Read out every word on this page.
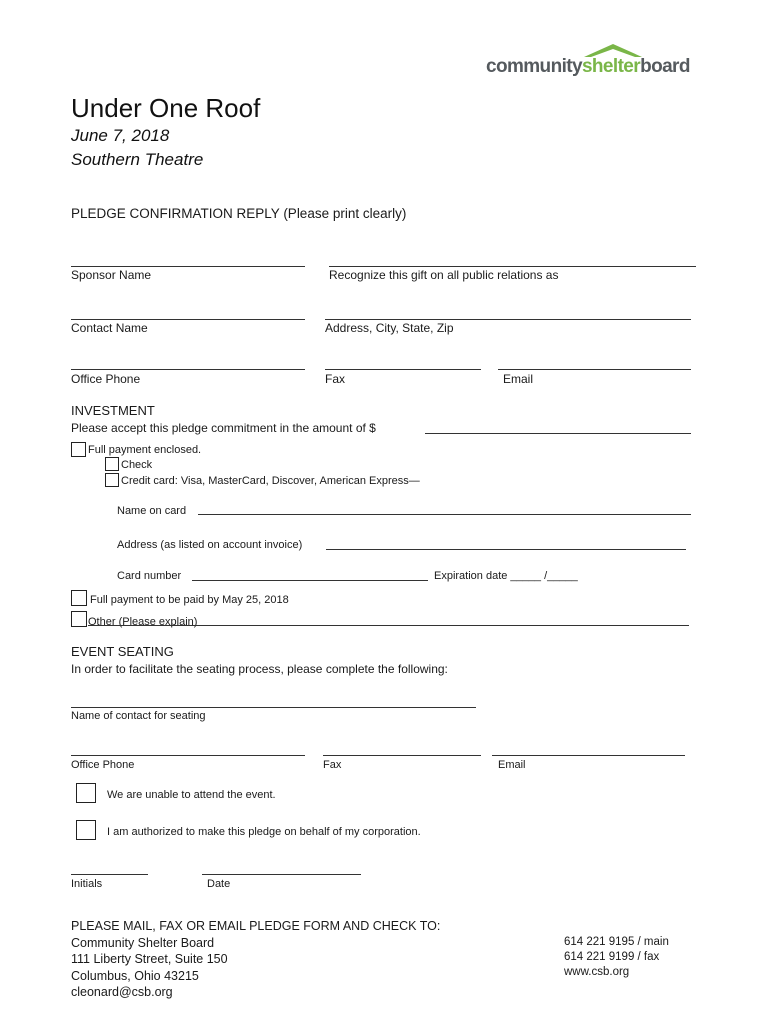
communityshelterboard
Under One Roof
June 7, 2018
Southern Theatre
PLEDGE CONFIRMATION REPLY (Please print clearly)
Sponsor Name	Recognize this gift on all public relations as
Contact Name	Address, City, State, Zip
Office Phone	Fax	Email
INVESTMENT
Please accept this pledge commitment in the amount of $
Full payment enclosed.
Check
Credit card: Visa, MasterCard, Discover, American Express—
Name on card
Address (as listed on account invoice)
Card number	Expiration date _____ /_____
Full payment to be paid by May 25, 2018
Other (Please explain)
EVENT SEATING
In order to facilitate the seating process, please complete the following:
Name of contact for seating
Office Phone	Fax	Email
We are unable to attend the event.
I am authorized to make this pledge on behalf of my corporation.
Initials	Date
PLEASE MAIL, FAX OR EMAIL PLEDGE FORM AND CHECK TO:
Community Shelter Board
111 Liberty Street, Suite 150
Columbus, Ohio 43215
cleonard@csb.org
614 221 9195 / main
614 221 9199 / fax
www.csb.org
